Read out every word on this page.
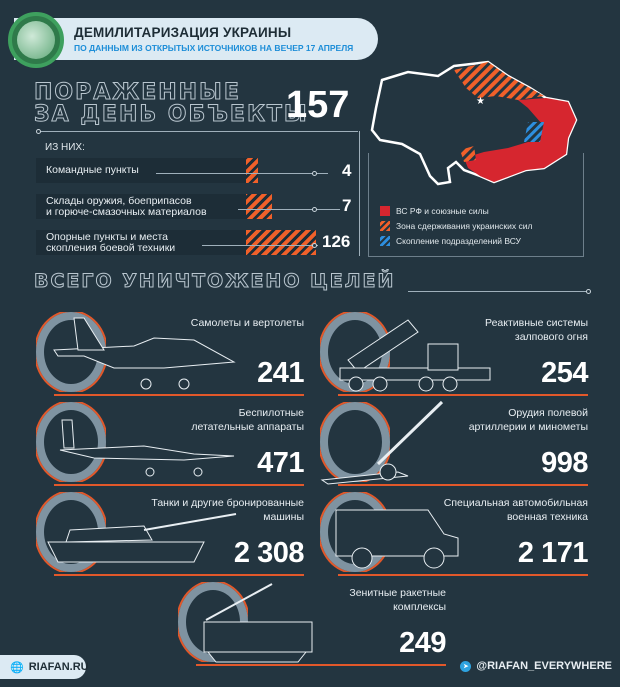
ДЕМИЛИТАРИЗАЦИЯ УКРАИНЫ
ПО ДАННЫМ ИЗ ОТКРЫТЫХ ИСТОЧНИКОВ НА ВЕЧЕР 17 АПРЕЛЯ
ПОРАЖЕННЫЕ
ЗА ДЕНЬ ОБЪЕКТЫ
157
ИЗ НИХ:
Командные пункты	4
Склады оружия, боеприпасов
и горюче-смазочных материалов	7
Опорные пункты и места
скопления боевой техники	126
★
ВС РФ и союзные силы
Зона сдерживания украинских сил
Скопление подразделений ВСУ
ВСЕГО УНИЧТОЖЕНО ЦЕЛЕЙ
Самолеты и вертолеты
241
Реактивные системы
залпового огня
254
Беспилотные
летательные аппараты
471
Орудия полевой
артиллерии и минометы
998
Танки и другие бронированные
машины
2 308
Специальная автомобильная
военная техника
2 171
Зенитные ракетные
комплексы
249
🌐 RIAFAN.RU	➤ @RIAFAN_EVERYWHERE
